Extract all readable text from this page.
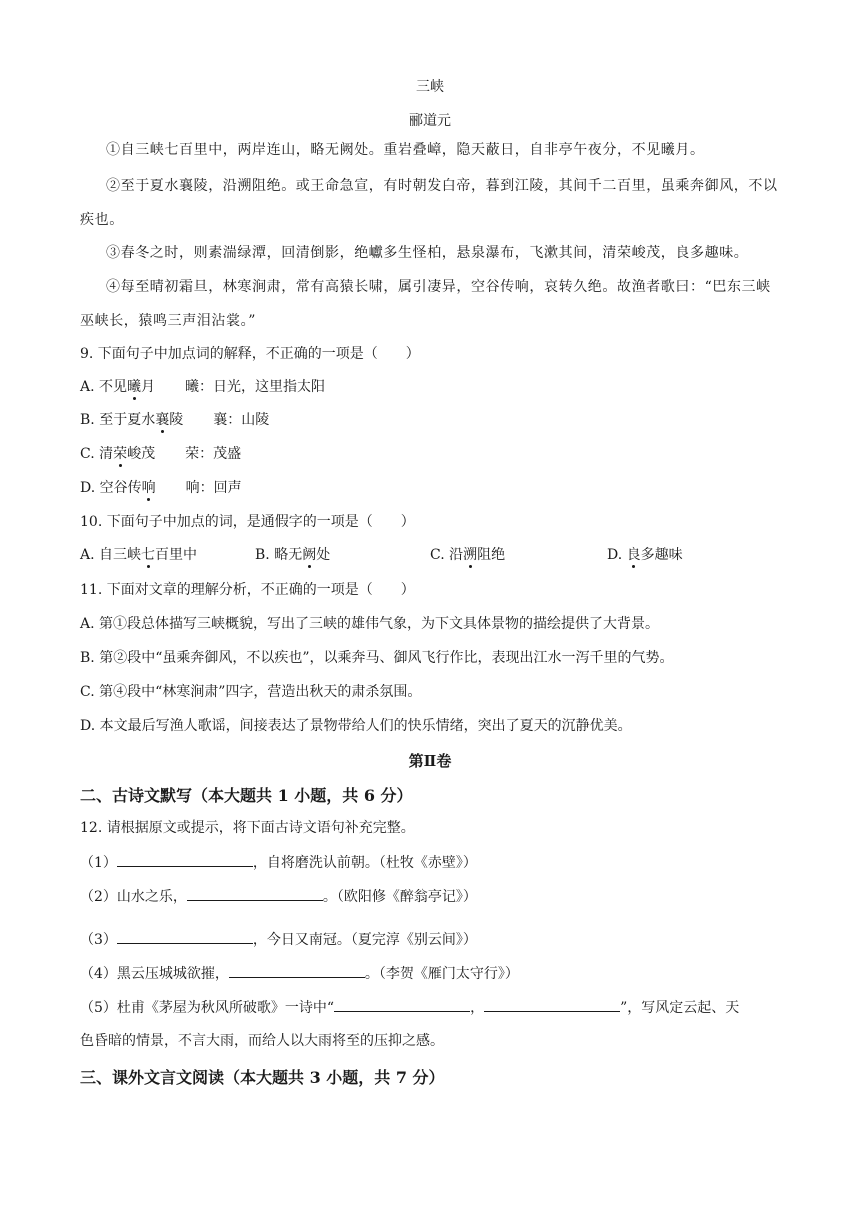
三峡
郦道元
①自三峡七百里中，两岸连山，略无阙处。重岩叠嶂，隐天蔽日，自非亭午夜分，不见曦月。
②至于夏水襄陵，沿溯阻绝。或王命急宣，有时朝发白帝，暮到江陵，其间千二百里，虽乘奔御风，不以疾也。
③春冬之时，则素湍绿潭，回清倒影，绝巘多生怪柏，悬泉瀑布，飞漱其间，清荣峻茂，良多趣味。
④每至晴初霜旦，林寒涧肃，常有高猿长啸，属引凄异，空谷传响，哀转久绝。故渔者歌曰：“巴东三峡巫峡长，猿鸣三声泪沾裳。”
9. 下面句子中加点词的解释，不正确的一项是（　　）
A. 不见曦月 曦：日光，这里指太阳
B. 至于夏水襄陵 襄：山陵
C. 清荣峻茂 荣：茂盛
D. 空谷传响 响：回声
10. 下面句子中加点的词，是通假字的一项是（　　）
A. 自三峡七百里中	B. 略无阙处	C. 沿溯阻绝	D. 良多趣味
11. 下面对文章的理解分析，不正确的一项是（　　）
A. 第①段总体描写三峡概貌，写出了三峡的雄伟气象，为下文具体景物的描绘提供了大背景。
B. 第②段中“虽乘奔御风，不以疾也”，以乘奔马、御风飞行作比，表现出江水一泻千里的气势。
C. 第④段中“林寒涧肃”四字，营造出秋天的肃杀氛围。
D. 本文最后写渔人歌谣，间接表达了景物带给人们的快乐情绪，突出了夏天的沉静优美。
第Ⅱ卷
二、古诗文默写（本大题共 1 小题，共 6 分）
12. 请根据原文或提示，将下面古诗文语句补充完整。
（1）	，自将磨洗认前朝。（杜牧《赤壁》）
（2）山水之乐，	。（欧阳修《醉翁亭记》）
（3）	，今日又南冠。（夏完淳《别云间》）
（4）黑云压城城欲摧，	。（李贺《雁门太守行》）
（5）杜甫《茅屋为秋风所破歌》一诗中“	，	”，写风定云起、天
色昏暗的情景，不言大雨，而给人以大雨将至的压抑之感。
三、课外文言文阅读（本大题共 3 小题，共 7 分）
